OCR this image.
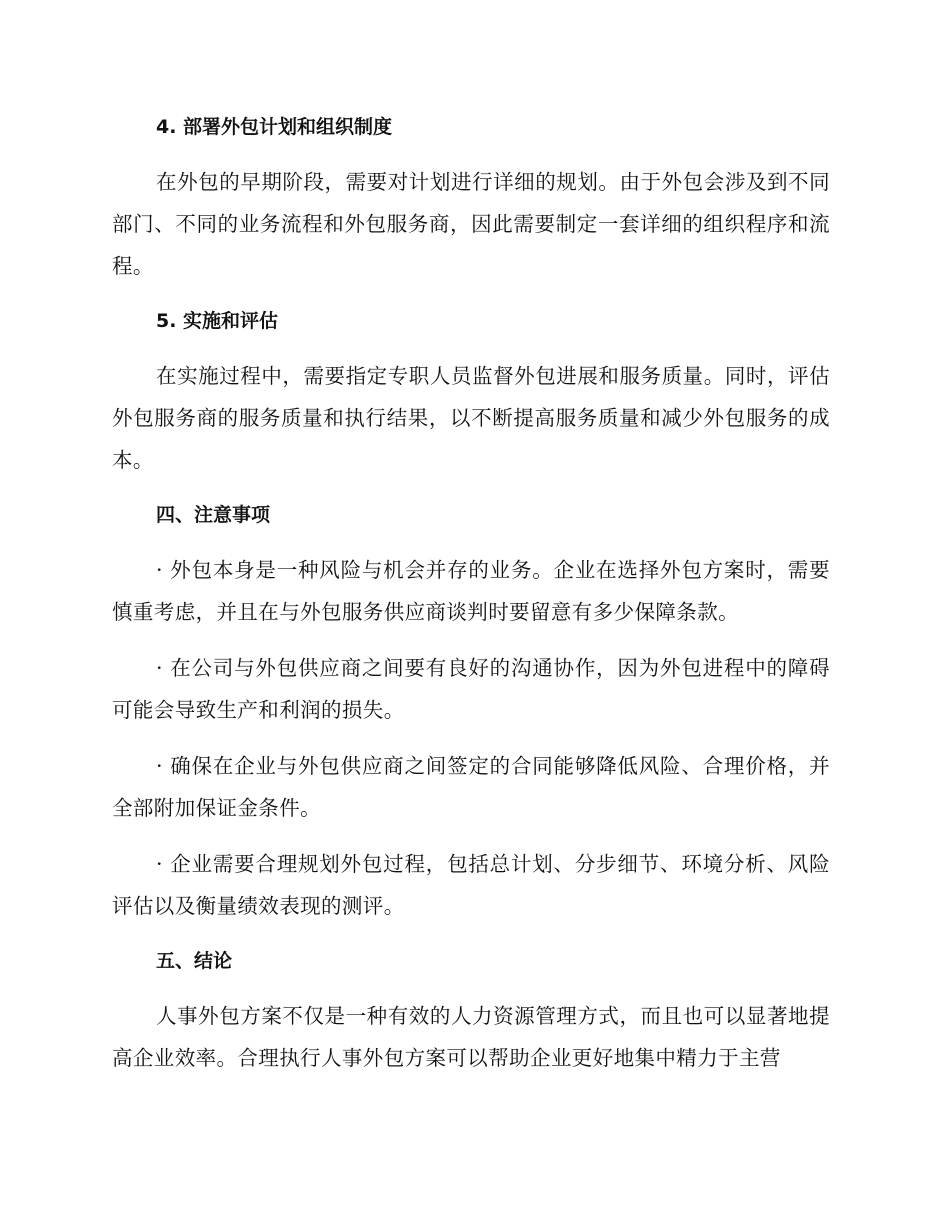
4. 部署外包计划和组织制度

在外包的早期阶段，需要对计划进行详细的规划。由于外包会涉及到不同部门、不同的业务流程和外包服务商，因此需要制定一套详细的组织程序和流程。

5. 实施和评估

在实施过程中，需要指定专职人员监督外包进展和服务质量。同时，评估外包服务商的服务质量和执行结果，以不断提高服务质量和减少外包服务的成本。

四、注意事项

· 外包本身是一种风险与机会并存的业务。企业在选择外包方案时，需要慎重考虑，并且在与外包服务供应商谈判时要留意有多少保障条款。

· 在公司与外包供应商之间要有良好的沟通协作，因为外包进程中的障碍可能会导致生产和利润的损失。

· 确保在企业与外包供应商之间签定的合同能够降低风险、合理价格，并全部附加保证金条件。

· 企业需要合理规划外包过程，包括总计划、分步细节、环境分析、风险评估以及衡量绩效表现的测评。

五、结论

人事外包方案不仅是一种有效的人力资源管理方式，而且也可以显著地提高企业效率。合理执行人事外包方案可以帮助企业更好地集中精力于主营
